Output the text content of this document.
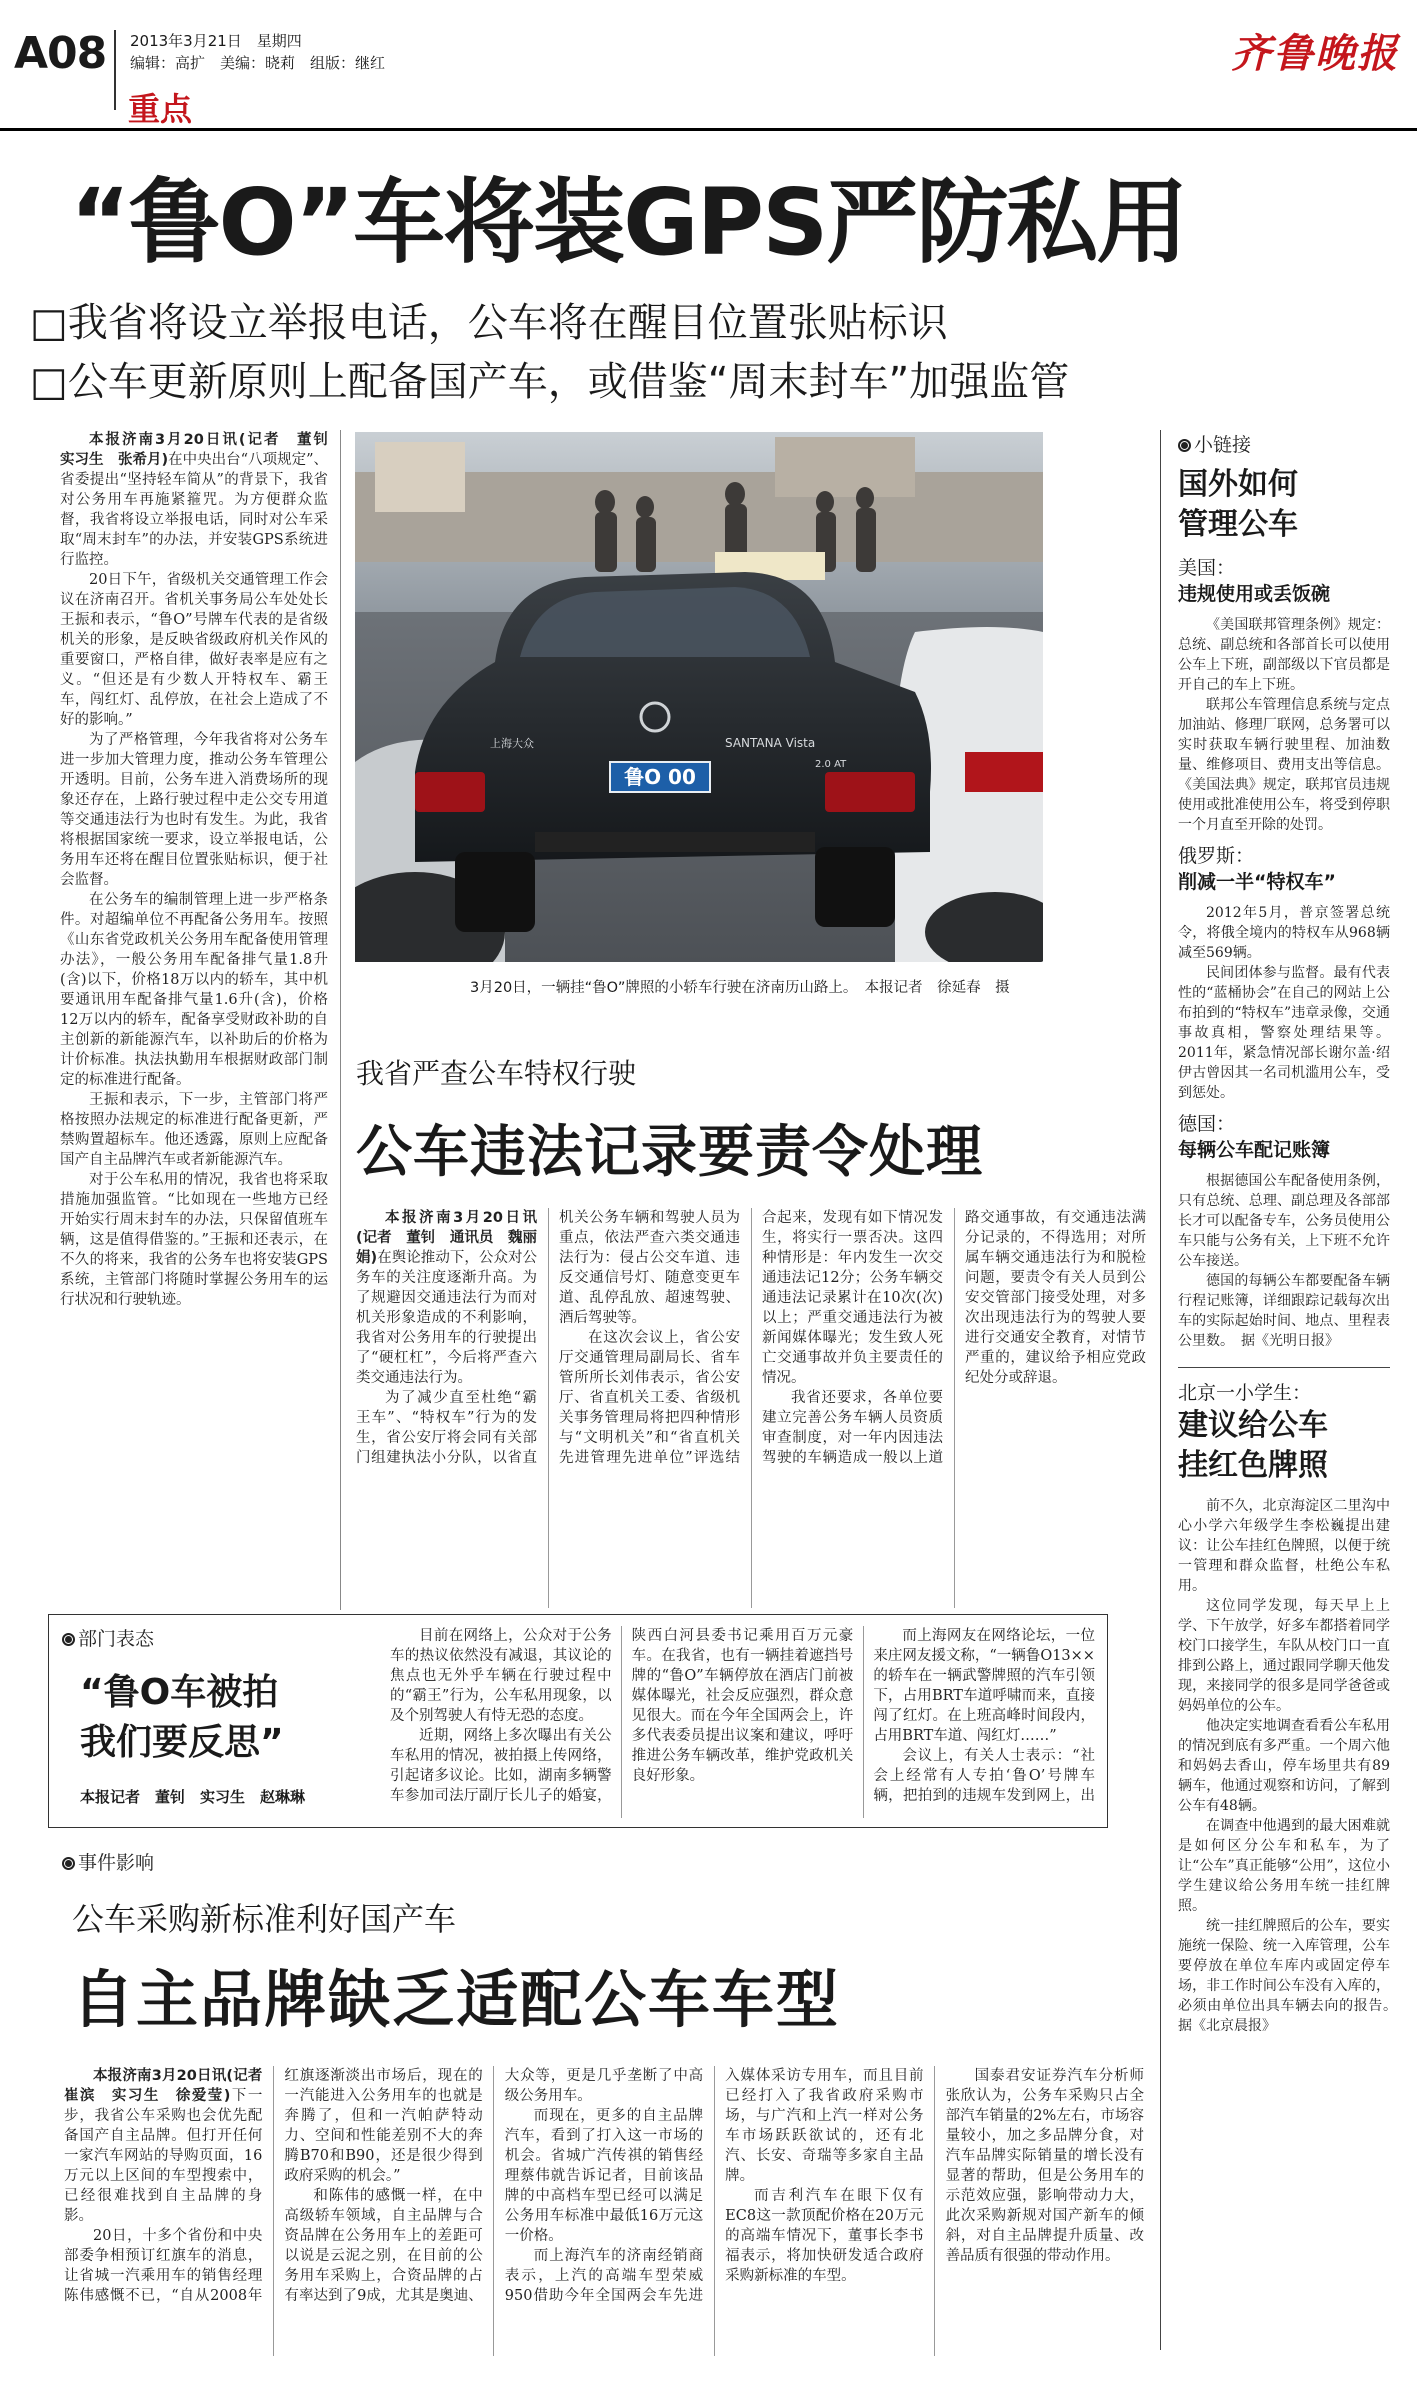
A08 2013年3月21日　星期四
编辑：高扩　美编：晓莉　组版：继红
重点
齐鲁晚报
“鲁O”车将装GPS严防私用
□我省将设立举报电话，公车将在醒目位置张贴标识
□公车更新原则上配备国产车，或借鉴“周末封车”加强监管

本报济南3月20日讯(记者　董钊　实习生　张希月)在中央出台“八项规定”、省委提出“坚持轻车简从”的背景下，我省对公务用车再施紧箍咒。为方便群众监督，我省将设立举报电话，同时对公车采取“周末封车”的办法，并安装GPS系统进行监控。

20日下午，省级机关交通管理工作会议在济南召开。省机关事务局公车处处长王振和表示，“鲁O”号牌车代表的是省级机关的形象，是反映省级政府机关作风的重要窗口，严格自律，做好表率是应有之义。“但还是有少数人开特权车、霸王车，闯红灯、乱停放，在社会上造成了不好的影响。”

为了严格管理，今年我省将对公务车进一步加大管理力度，推动公务车管理公开透明。目前，公务车进入消费场所的现象还存在，上路行驶过程中走公交专用道等交通违法行为也时有发生。为此，我省将根据国家统一要求，设立举报电话，公务用车还将在醒目位置张贴标识，便于社会监督。

在公务车的编制管理上进一步严格条件。对超编单位不再配备公务用车。按照《山东省党政机关公务用车配备使用管理办法》，一般公务用车配备排气量1.8升(含)以下，价格18万以内的轿车，其中机要通讯用车配备排气量1.6升(含)，价格12万以内的轿车，配备享受财政补助的自主创新的新能源汽车，以补助后的价格为计价标准。执法执勤用车根据财政部门制定的标准进行配备。

王振和表示，下一步，主管部门将严格按照办法规定的标准进行配备更新，严禁购置超标车。他还透露，原则上应配备国产自主品牌汽车或者新能源汽车。

对于公车私用的情况，我省也将采取措施加强监管。“比如现在一些地方已经开始实行周末封车的办法，只保留值班车辆，这是值得借鉴的。”王振和还表示，在不久的将来，我省的公务车也将安装GPS系统，主管部门将随时掌握公务用车的运行状况和行驶轨迹。

鲁O 00
上海大众	SANTANA Vista
2.0 AT
3月20日，一辆挂“鲁O”牌照的小轿车行驶在济南历山路上。　本报记者　徐延春　摄
我省严查公车特权行驶
公车违法记录要责令处理

本报济南3月20日讯(记者　董钊　通讯员　魏丽娟)在舆论推动下，公众对公务车的关注度逐渐升高。为了规避因交通违法行为而对机关形象造成的不利影响，我省对公务用车的行驶提出了“硬杠杠”，今后将严查六类交通违法行为。

为了减少直至杜绝“霸王车”、“特权车”行为的发生，省公安厅将会同有关部门组建执法小分队，以省直机关公务车辆和驾驶人员为重点，依法严查六类交通违法行为：侵占公交车道、违反交通信号灯、随意变更车道、乱停乱放、超速驾驶、酒后驾驶等。

在这次会议上，省公安厅交通管理局副局长、省车管所所长刘伟表示，省公安厅、省直机关工委、省级机关事务管理局将把四种情形与“文明机关”和“省直机关先进管理先进单位”评选结合起来，发现有如下情况发生，将实行一票否决。这四种情形是：年内发生一次交通违法记12分；公务车辆交通违法记录累计在10次(次)以上；严重交通违法行为被新闻媒体曝光；发生致人死亡交通事故并负主要责任的情况。

我省还要求，各单位要建立完善公务车辆人员资质审查制度，对一年内因违法驾驶的车辆造成一般以上道路交通事故，有交通违法满分记录的，不得选用；对所属车辆交通违法行为和脱检问题，要责令有关人员到公安交管部门接受处理，对多次出现违法行为的驾驶人要进行交通安全教育，对情节严重的，建议给予相应党政纪处分或辞退。

部门表态
“鲁O车被拍
我们要反思”
本报记者　董钊　实习生　赵琳琳

目前在网络上，公众对于公务车的热议依然没有减退，其议论的焦点也无外乎车辆在行驶过程中的“霸王”行为，公车私用现象，以及个别驾驶人有恃无恐的态度。

近期，网络上多次曝出有关公车私用的情况，被拍摄上传网络，引起诸多议论。比如，湖南多辆警车参加司法厅副厅长儿子的婚宴，陕西白河县委书记乘用百万元豪车。在我省，也有一辆挂着遮挡号牌的“鲁O”车辆停放在酒店门前被媒体曝光，社会反应强烈，群众意见很大。而在今年全国两会上，许多代表委员提出议案和建议，呼吁推进公务车辆改革，维护党政机关良好形象。

而上海网友在网络论坛，一位来庄网友援文称，“一辆鲁O13××的轿车在一辆武警牌照的汽车引领下，占用BRT车道呼啸而来，直接闯了红灯。在上班高峰时间段内，占用BRT车道、闯红灯……”

会议上，有关人士表示：“社会上经常有人专拍‘鲁O’号牌车辆，把拍到的违规车发到网上，出

事件影响
公车采购新标准利好国产车
自主品牌缺乏适配公车车型

本报济南3月20日讯(记者　崔滨　实习生　徐爱莹)下一步，我省公车采购也会优先配备国产自主品牌。但打开任何一家汽车网站的导购页面，16万元以上区间的车型搜索中，已经很难找到自主品牌的身影。

20日，十多个省份和中央部委争相预订红旗车的消息，让省城一汽乘用车的销售经理陈伟感慨不已，“自从2008年红旗逐渐淡出市场后，现在的一汽能进入公务用车的也就是奔腾了，但和一汽帕萨特动力、空间和性能差别不大的奔腾B70和B90，还是很少得到政府采购的机会。”

和陈伟的感慨一样，在中高级轿车领域，自主品牌与合资品牌在公务用车上的差距可以说是云泥之别，在目前的公务用车采购上，合资品牌的占有率达到了9成，尤其是奥迪、大众等，更是几乎垄断了中高级公务用车。

而现在，更多的自主品牌汽车，看到了打入这一市场的机会。省城广汽传祺的销售经理蔡伟就告诉记者，目前该品牌的中高档车型已经可以满足公务用车标准中最低16万元这一价格。

而上海汽车的济南经销商表示，上汽的高端车型荣威950借助今年全国两会车先进入媒体采访专用车，而且目前已经打入了我省政府采购市场，与广汽和上汽一样对公务车市场跃跃欲试的，还有北汽、长安、奇瑞等多家自主品牌。

而吉利汽车在眼下仅有EC8这一款顶配价格在20万元的高端车情况下，董事长李书福表示，将加快研发适合政府采购新标准的车型。

国泰君安证券汽车分析师张欣认为，公务车采购只占全部汽车销量的2%左右，市场容量较小，加之多品牌分食，对汽车品牌实际销量的增长没有显著的帮助，但是公务用车的示范效应强，影响带动力大，此次采购新规对国产新车的倾斜，对自主品牌提升质量、改善品质有很强的带动作用。

小链接
国外如何
管理公车
美国：
违规使用或丢饭碗
《美国联邦管理条例》规定：总统、副总统和各部首长可以使用公车上下班，副部级以下官员都是开自己的车上下班。
联邦公车管理信息系统与定点加油站、修理厂联网，总务署可以实时获取车辆行驶里程、加油数量、维修项目、费用支出等信息。《美国法典》规定，联邦官员违规使用或批准使用公车，将受到停职一个月直至开除的处罚。
俄罗斯：
削减一半“特权车”
2012年5月，普京签署总统令，将俄全境内的特权车从968辆减至569辆。
民间团体参与监督。最有代表性的“蓝桶协会”在自己的网站上公布拍到的“特权车”违章录像，交通事故真相，警察处理结果等。2011年，紧急情况部长谢尔盖·绍伊古曾因其一名司机滥用公车，受到惩处。
德国：
每辆公车配记账簿
根据德国公车配备使用条例，只有总统、总理、副总理及各部部长才可以配备专车，公务员使用公车只能与公务有关，上下班不允许公车接送。
德国的每辆公车都要配备车辆行程记账簿，详细跟踪记载每次出车的实际起始时间、地点、里程表公里数。　据《光明日报》
北京一小学生：
建议给公车
挂红色牌照
前不久，北京海淀区二里沟中心小学六年级学生李松巍提出建议：让公车挂红色牌照，以便于统一管理和群众监督，杜绝公车私用。
这位同学发现，每天早上上学、下午放学，好多车都搭着同学校门口接学生，车队从校门口一直排到公路上，通过跟同学聊天他发现，来接同学的很多是同学爸爸或妈妈单位的公车。
他决定实地调查看看公车私用的情况到底有多严重。一个周六他和妈妈去香山，停车场里共有89辆车，他通过观察和访问，了解到公车有48辆。
在调查中他遇到的最大困难就是如何区分公车和私车，为了让“公车”真正能够“公用”，这位小学生建议给公务用车统一挂红牌照。
统一挂红牌照后的公车，要实施统一保险、统一入库管理，公车要停放在单位车库内或固定停车场，非工作时间公车没有入库的，必须由单位出具车辆去向的报告。　据《北京晨报》
